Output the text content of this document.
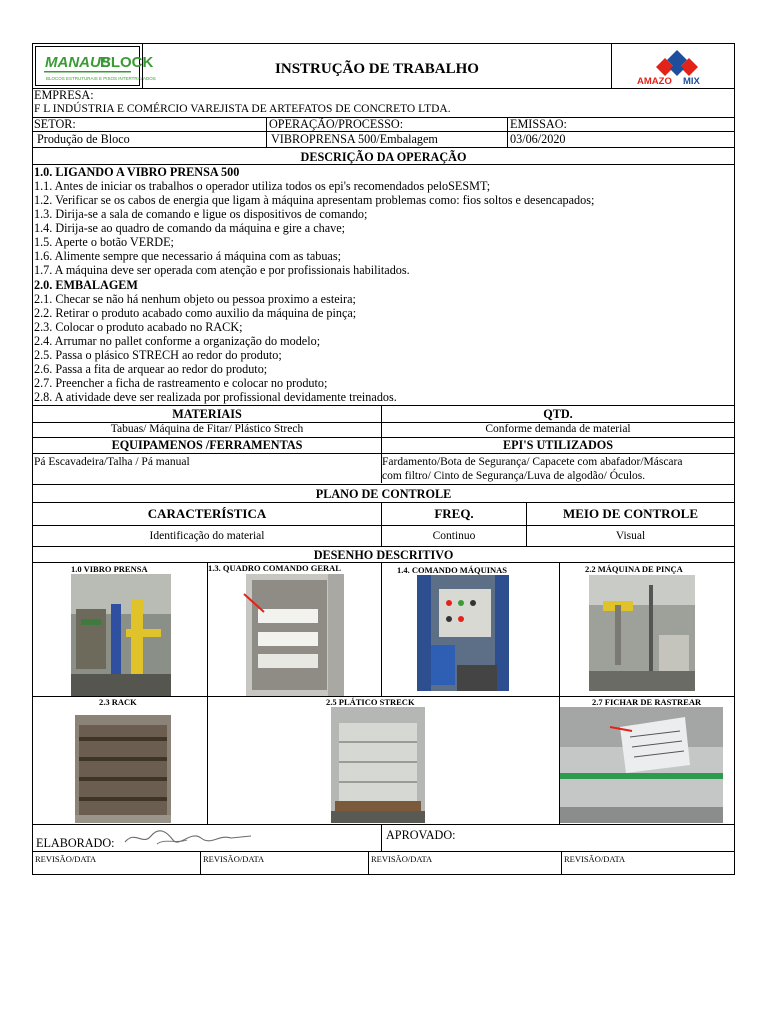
MANAUS
BLOCK
BLOCOS ESTRUTURAIS E PISOS INTERTRAVADOS
INSTRUÇÃO DE TRABALHO
AMAZO MIX
EMPRESA:
F L INDÚSTRIA E COMÉRCIO VAREJISTA DE ARTEFATOS DE CONCRETO LTDA.
SETOR:	OPERAÇÃO/PROCESSO:	EMISSAO:
Produção de Bloco	VIBROPRENSA 500/Embalagem	03/06/2020
DESCRIÇÃO DA OPERAÇÃO
1.0. LIGANDO A VIBRO PRENSA 500
1.1. Antes de iniciar os trabalhos o operador utiliza todos os epi's recomendados peloSESMT;
1.2. Verificar se os cabos de energia que ligam à máquina apresentam problemas como: fios soltos e desencapados;
1.3. Dirija-se a sala de comando e ligue os dispositivos de comando;
1.4. Dirija-se ao quadro de comando da máquina e gire a chave;
1.5. Aperte o botão VERDE;
1.6. Alimente sempre que necessario á máquina com as tabuas;
1.7. A máquina deve ser operada com atenção e por profissionais habilitados.
2.0. EMBALAGEM
2.1. Checar se não há nenhum objeto ou pessoa proximo a esteira;
2.2. Retirar o produto acabado como auxilio da máquina de pinça;
2.3. Colocar o produto acabado no RACK;
2.4. Arrumar no pallet conforme a organização do modelo;
2.5. Passa o plásico STRECH ao redor do produto;
2.6. Passa a fita de arquear ao redor do produto;
2.7. Preencher a ficha de rastreamento e colocar no produto;
2.8. A atividade deve ser realizada por profissional devidamente treinados.
MATERIAIS	QTD.
Tabuas/ Máquina de Fitar/ Plástico Strech	Conforme demanda de material
EQUIPAMENOS /FERRAMENTAS	EPI'S UTILIZADOS
Pá Escavadeira/Talha / Pá manual	Fardamento/Bota de Segurança/ Capacete com abafador/Máscara
com filtro/ Cinto de Segurança/Luva de algodão/ Óculos.
PLANO DE CONTROLE
CARACTERÍSTICA	FREQ.	MEIO DE CONTROLE
Identificação do material	Continuo	Visual
DESENHO DESCRITIVO
1.0 VIBRO PRENSA	1.3. QUADRO COMANDO GERAL	1.4. COMANDO MÁQUINAS	2.2 MÁQUINA DE PINÇA
2.3 RACK	2.5 PLÁTICO STRECK	2.7 FICHAR DE RASTREAR
ELABORADO:
APROVADO:
REVISÃO/DATA	REVISÃO/DATA	REVISÃO/DATA	REVISÃO/DATA
